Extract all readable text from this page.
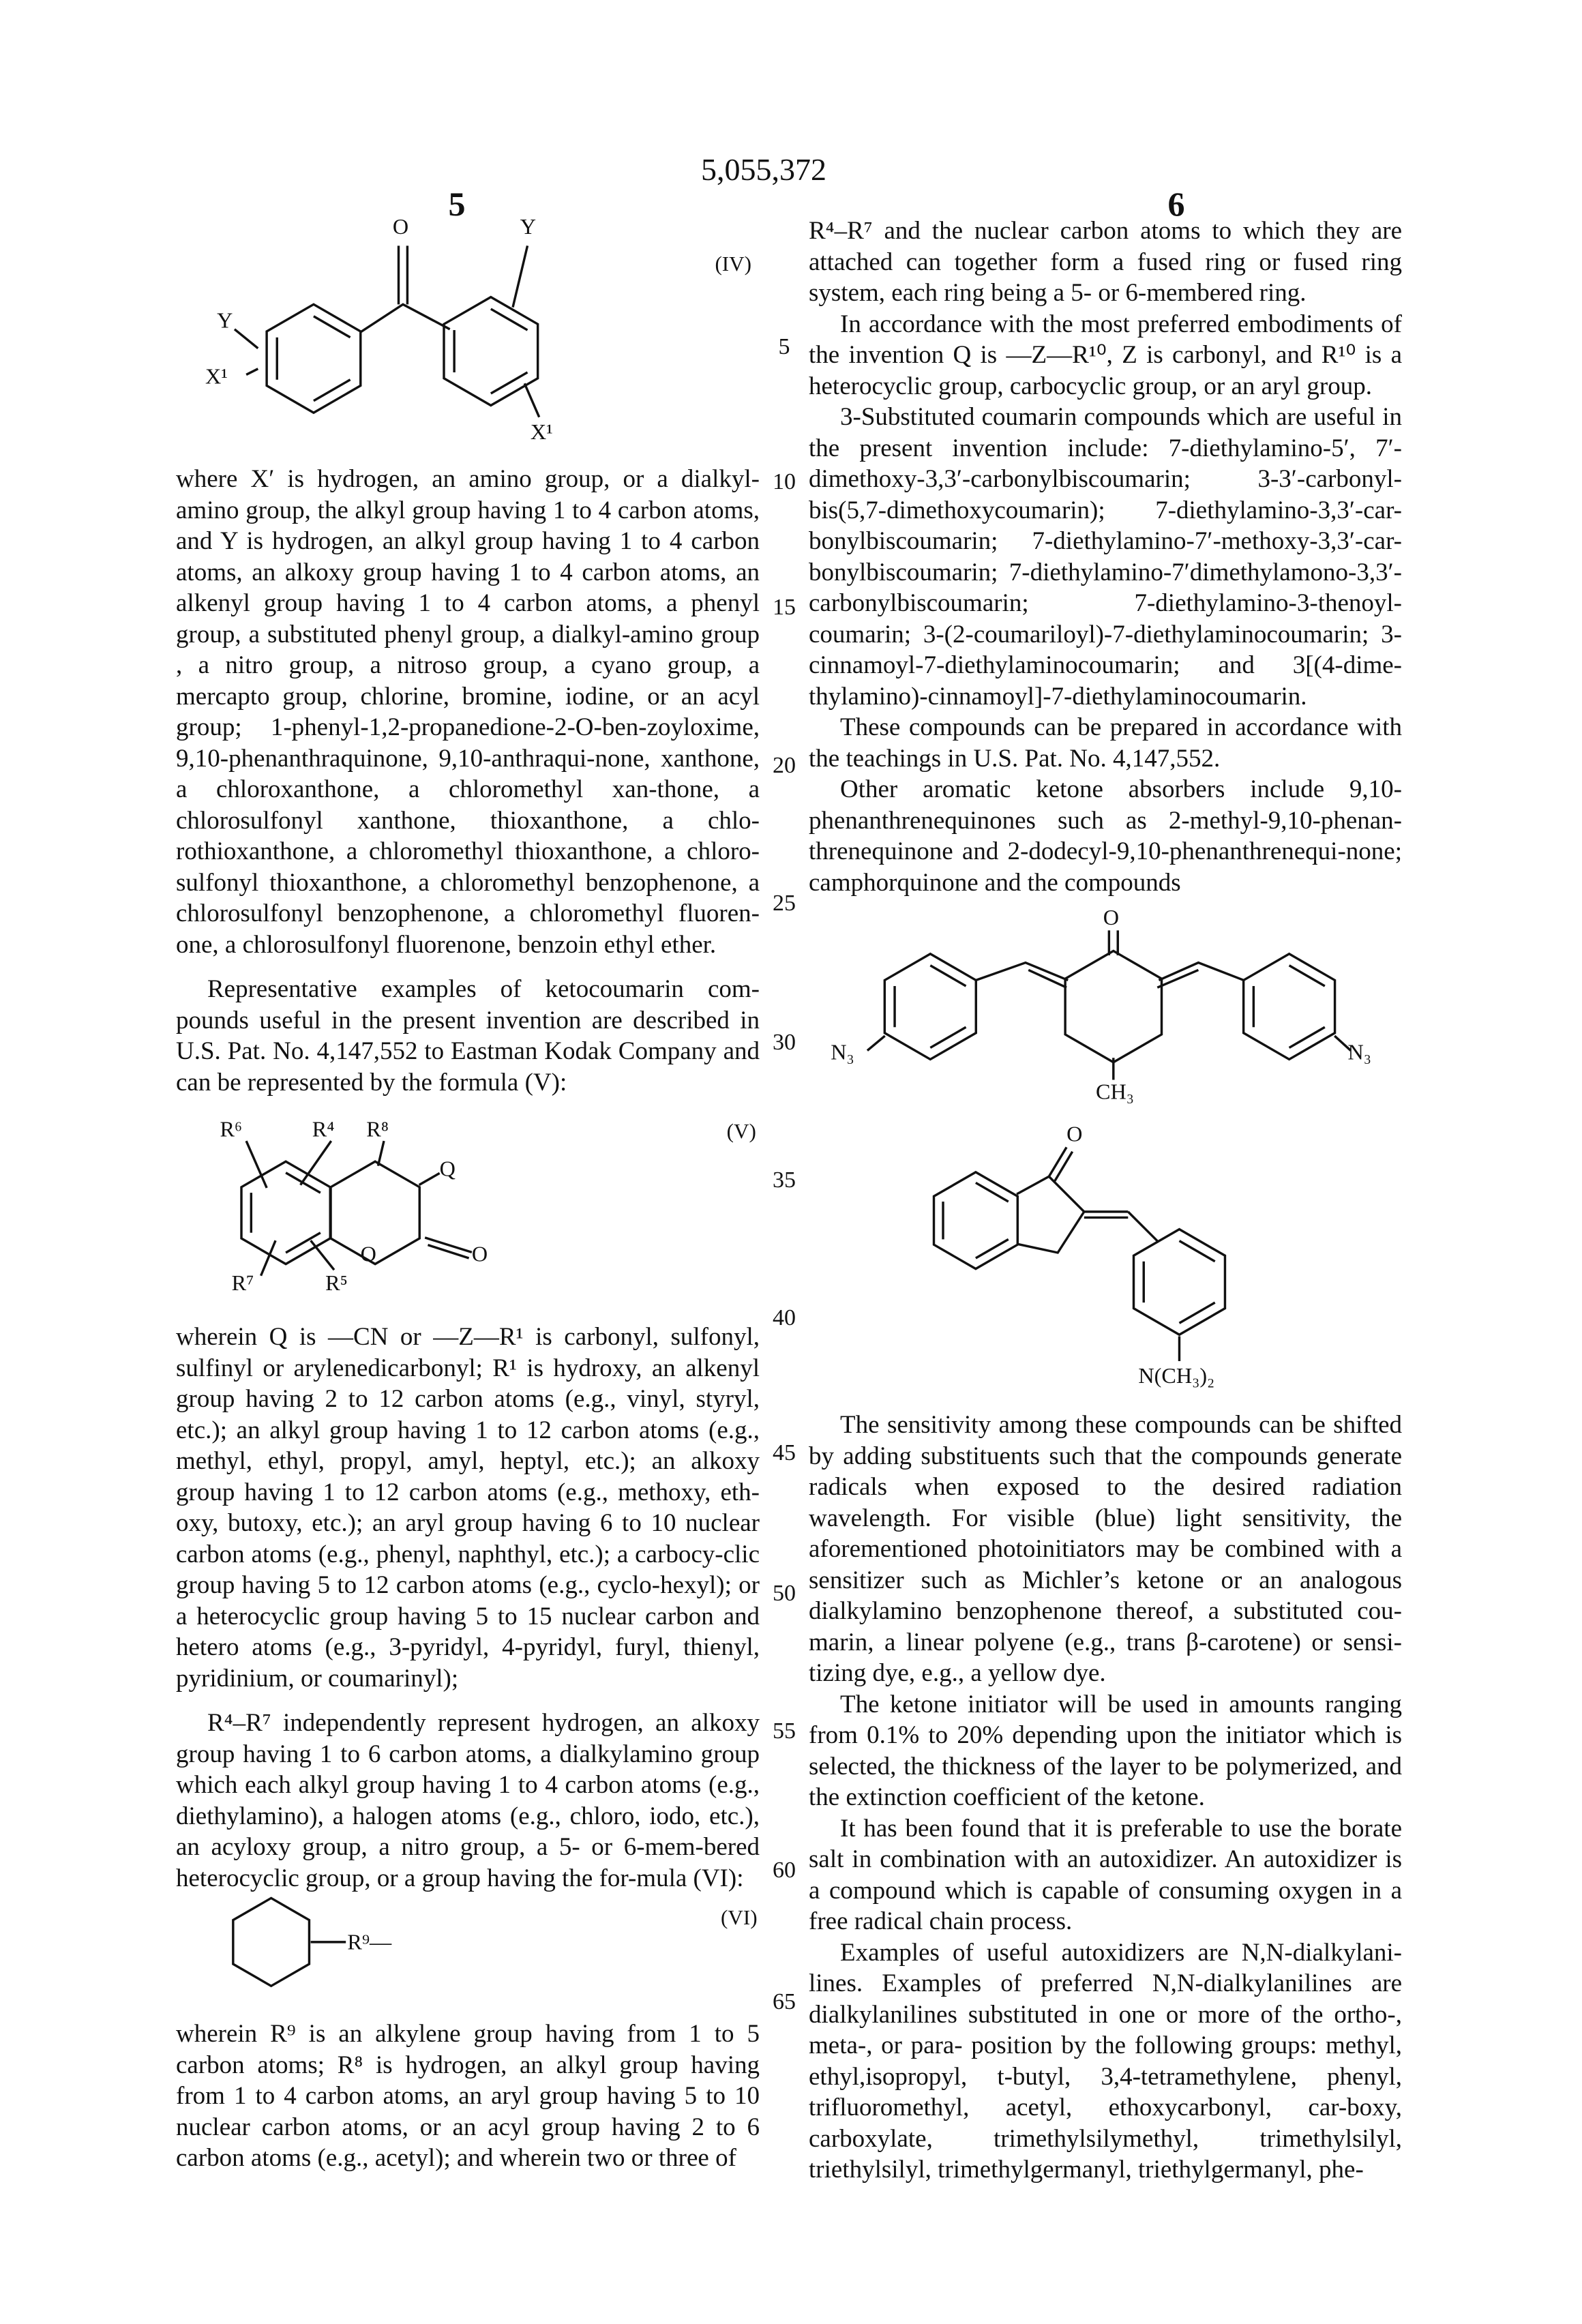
5,055,372
5	6
O	Y
Y
X¹
X¹
(IV)

where X′ is hydrogen, an amino group, or a dialkyl-amino group, the alkyl group having 1 to 4 carbon atoms, and Y is hydrogen, an alkyl group having 1 to 4 carbon atoms, an alkoxy group having 1 to 4 carbon atoms, an alkenyl group having 1 to 4 carbon atoms, a phenyl group, a substituted phenyl group, a dialkyl-amino group , a nitro group, a nitroso group, a cyano group, a mercapto group, chlorine, bromine, iodine, or an acyl group; 1-phenyl-1,2-propanedione-2-O-ben-zoyloxime, 9,10-phenanthraquinone, 9,10-anthraqui-none, xanthone, a chloroxanthone, a chloromethyl xan-thone, a chlorosulfonyl xanthone, thioxanthone, a chlo-rothioxanthone, a chloromethyl thioxanthone, a chloro-sulfonyl thioxanthone, a chloromethyl benzophenone, a chlorosulfonyl benzophenone, a chloromethyl fluoren-one, a chlorosulfonyl fluorenone, benzoin ethyl ether.

Representative examples of ketocoumarin com-pounds useful in the present invention are described in U.S. Pat. No. 4,147,552 to Eastman Kodak Company and can be represented by the formula (V):

R⁶	R⁴	R⁸
Q
O	O
R⁷	R⁵
(V)

wherein Q is —CN or —Z—R¹ is carbonyl, sulfonyl, sulfinyl or arylenedicarbonyl; R¹ is hydroxy, an alkenyl group having 2 to 12 carbon atoms (e.g., vinyl, styryl, etc.); an alkyl group having 1 to 12 carbon atoms (e.g., methyl, ethyl, propyl, amyl, heptyl, etc.); an alkoxy group having 1 to 12 carbon atoms (e.g., methoxy, eth-oxy, butoxy, etc.); an aryl group having 6 to 10 nuclear carbon atoms (e.g., phenyl, naphthyl, etc.); a carbocy-clic group having 5 to 12 carbon atoms (e.g., cyclo-hexyl); or a heterocyclic group having 5 to 15 nuclear carbon and hetero atoms (e.g., 3-pyridyl, 4-pyridyl, furyl, thienyl, pyridinium, or coumarinyl);

R⁴–R⁷ independently represent hydrogen, an alkoxy group having 1 to 6 carbon atoms, a dialkylamino group which each alkyl group having 1 to 4 carbon atoms (e.g., diethylamino), a halogen atoms (e.g., chloro, iodo, etc.), an acyloxy group, a nitro group, a 5- or 6-mem-bered heterocyclic group, or a group having the for-mula (VI):

R⁹—
(VI)

wherein R⁹ is an alkylene group having from 1 to 5 carbon atoms; R⁸ is hydrogen, an alkyl group having from 1 to 4 carbon atoms, an aryl group having 5 to 10 nuclear carbon atoms, or an acyl group having 2 to 6 carbon atoms (e.g., acetyl); and wherein two or three of

R⁴–R⁷ and the nuclear carbon atoms to which they are attached can together form a fused ring or fused ring system, each ring being a 5- or 6-membered ring.

In accordance with the most preferred embodiments of the invention Q is —Z—R¹⁰, Z is carbonyl, and R¹⁰ is a heterocyclic group, carbocyclic group, or an aryl group.

3-Substituted coumarin compounds which are useful in the present invention include: 7-diethylamino-5′, 7′-dimethoxy-3,3′-carbonylbiscoumarin; 3-3′-carbonyl-bis(5,7-dimethoxycoumarin); 7-diethylamino-3,3′-car-bonylbiscoumarin; 7-diethylamino-7′-methoxy-3,3′-car-bonylbiscoumarin; 7-diethylamino-7′dimethylamono-3,3′-carbonylbiscoumarin; 7-diethylamino-3-thenoyl-coumarin; 3-(2-coumariloyl)-7-diethylaminocoumarin; 3-cinnamoyl-7-diethylaminocoumarin; and 3[(4-dime-thylamino)-cinnamoyl]-7-diethylaminocoumarin.

These compounds can be prepared in accordance with the teachings in U.S. Pat. No. 4,147,552.

Other aromatic ketone absorbers include 9,10-phenanthrenequinones such as 2-methyl-9,10-phenan-threnequinone and 2-dodecyl-9,10-phenanthrenequi-none; camphorquinone and the compounds

O
N₃	N₃
CH₃
O
N(CH₃)₂

The sensitivity among these compounds can be shifted by adding substituents such that the compounds generate radicals when exposed to the desired radiation wavelength. For visible (blue) light sensitivity, the aforementioned photoinitiators may be combined with a sensitizer such as Michler’s ketone or an analogous dialkylamino benzophenone thereof, a substituted cou-marin, a linear polyene (e.g., trans β-carotene) or sensi-tizing dye, e.g., a yellow dye.

The ketone initiator will be used in amounts ranging from 0.1% to 20% depending upon the initiator which is selected, the thickness of the layer to be polymerized, and the extinction coefficient of the ketone.

It has been found that it is preferable to use the borate salt in combination with an autoxidizer. An autoxidizer is a compound which is capable of consuming oxygen in a free radical chain process.

Examples of useful autoxidizers are N,N-dialkylani-lines. Examples of preferred N,N-dialkylanilines are dialkylanilines substituted in one or more of the ortho-, meta-, or para- position by the following groups: methyl, ethyl,isopropyl, t-butyl, 3,4-tetramethylene, phenyl, trifluoromethyl, acetyl, ethoxycarbonyl, car-boxy, carboxylate, trimethylsilymethyl, trimethylsilyl, triethylsilyl, trimethylgermanyl, triethylgermanyl, phe-

5
10
15
20
25
30
35
40
45
50
55
60
65
